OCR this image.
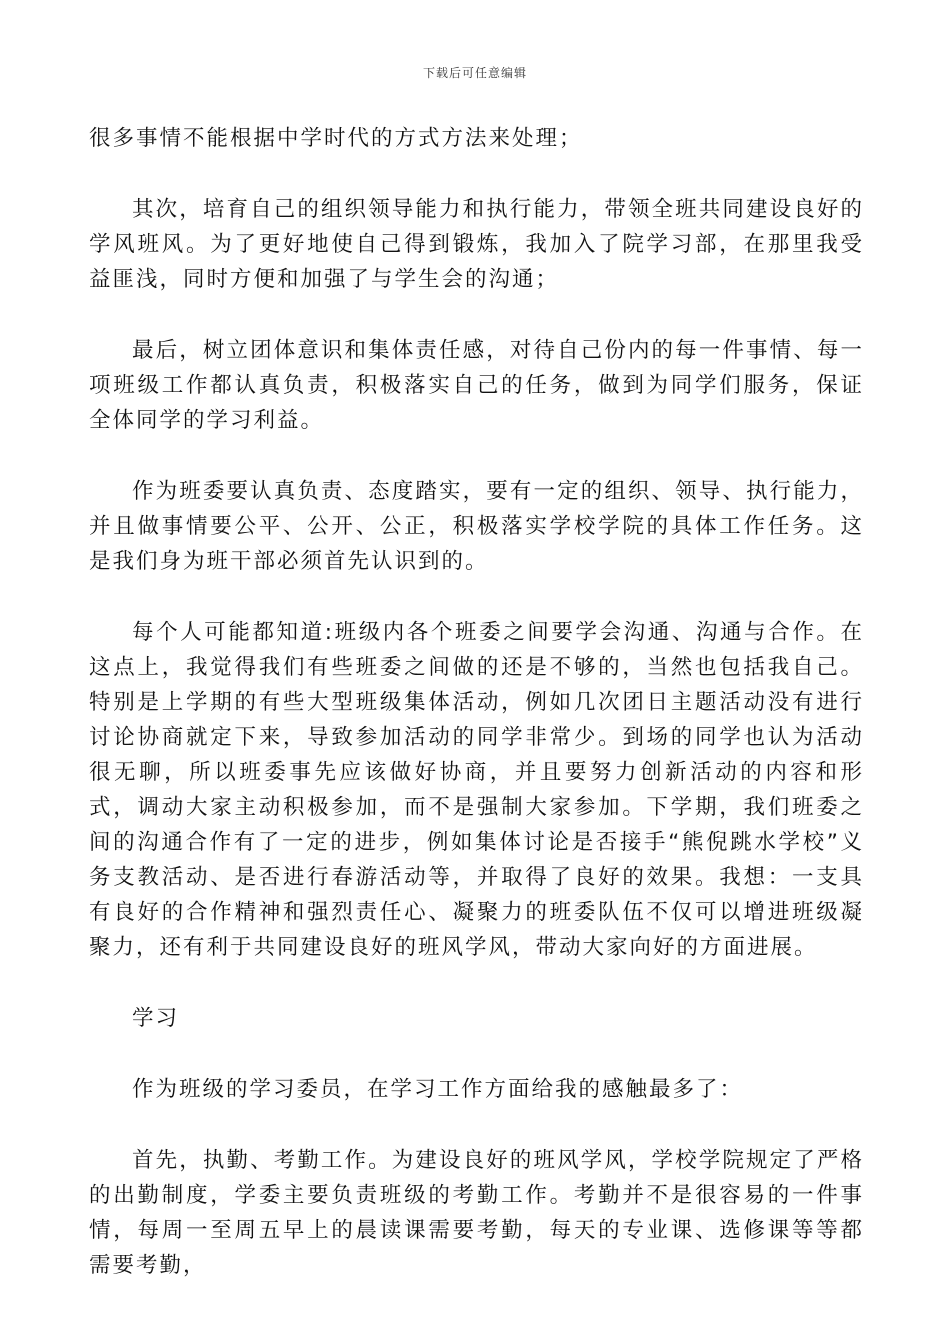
下载后可任意编辑

很多事情不能根据中学时代的方式方法来处理；

其次，培育自己的组织领导能力和执行能力，带领全班共同建设良好的学风班风。为了更好地使自己得到锻炼，我加入了院学习部，在那里我受益匪浅，同时方便和加强了与学生会的沟通；

最后，树立团体意识和集体责任感，对待自己份内的每一件事情、每一项班级工作都认真负责，积极落实自己的任务，做到为同学们服务，保证全体同学的学习利益。

作为班委要认真负责、态度踏实，要有一定的组织、领导、执行能力，并且做事情要公平、公开、公正，积极落实学校学院的具体工作任务。这是我们身为班干部必须首先认识到的。

每个人可能都知道:班级内各个班委之间要学会沟通、沟通与合作。在这点上，我觉得我们有些班委之间做的还是不够的，当然也包括我自己。特别是上学期的有些大型班级集体活动，例如几次团日主题活动没有进行讨论协商就定下来，导致参加活动的同学非常少。到场的同学也认为活动很无聊，所以班委事先应该做好协商，并且要努力创新活动的内容和形式，调动大家主动积极参加，而不是强制大家参加。下学期，我们班委之间的沟通合作有了一定的进步，例如集体讨论是否接手“熊倪跳水学校”义务支教活动、是否进行春游活动等，并取得了良好的效果。我想：一支具有良好的合作精神和强烈责任心、凝聚力的班委队伍不仅可以增进班级凝聚力，还有利于共同建设良好的班风学风，带动大家向好的方面进展。

学习

作为班级的学习委员，在学习工作方面给我的感触最多了：

首先，执勤、考勤工作。为建设良好的班风学风，学校学院规定了严格的出勤制度，学委主要负责班级的考勤工作。考勤并不是很容易的一件事情，每周一至周五早上的晨读课需要考勤，每天的专业课、选修课等等都需要考勤，
